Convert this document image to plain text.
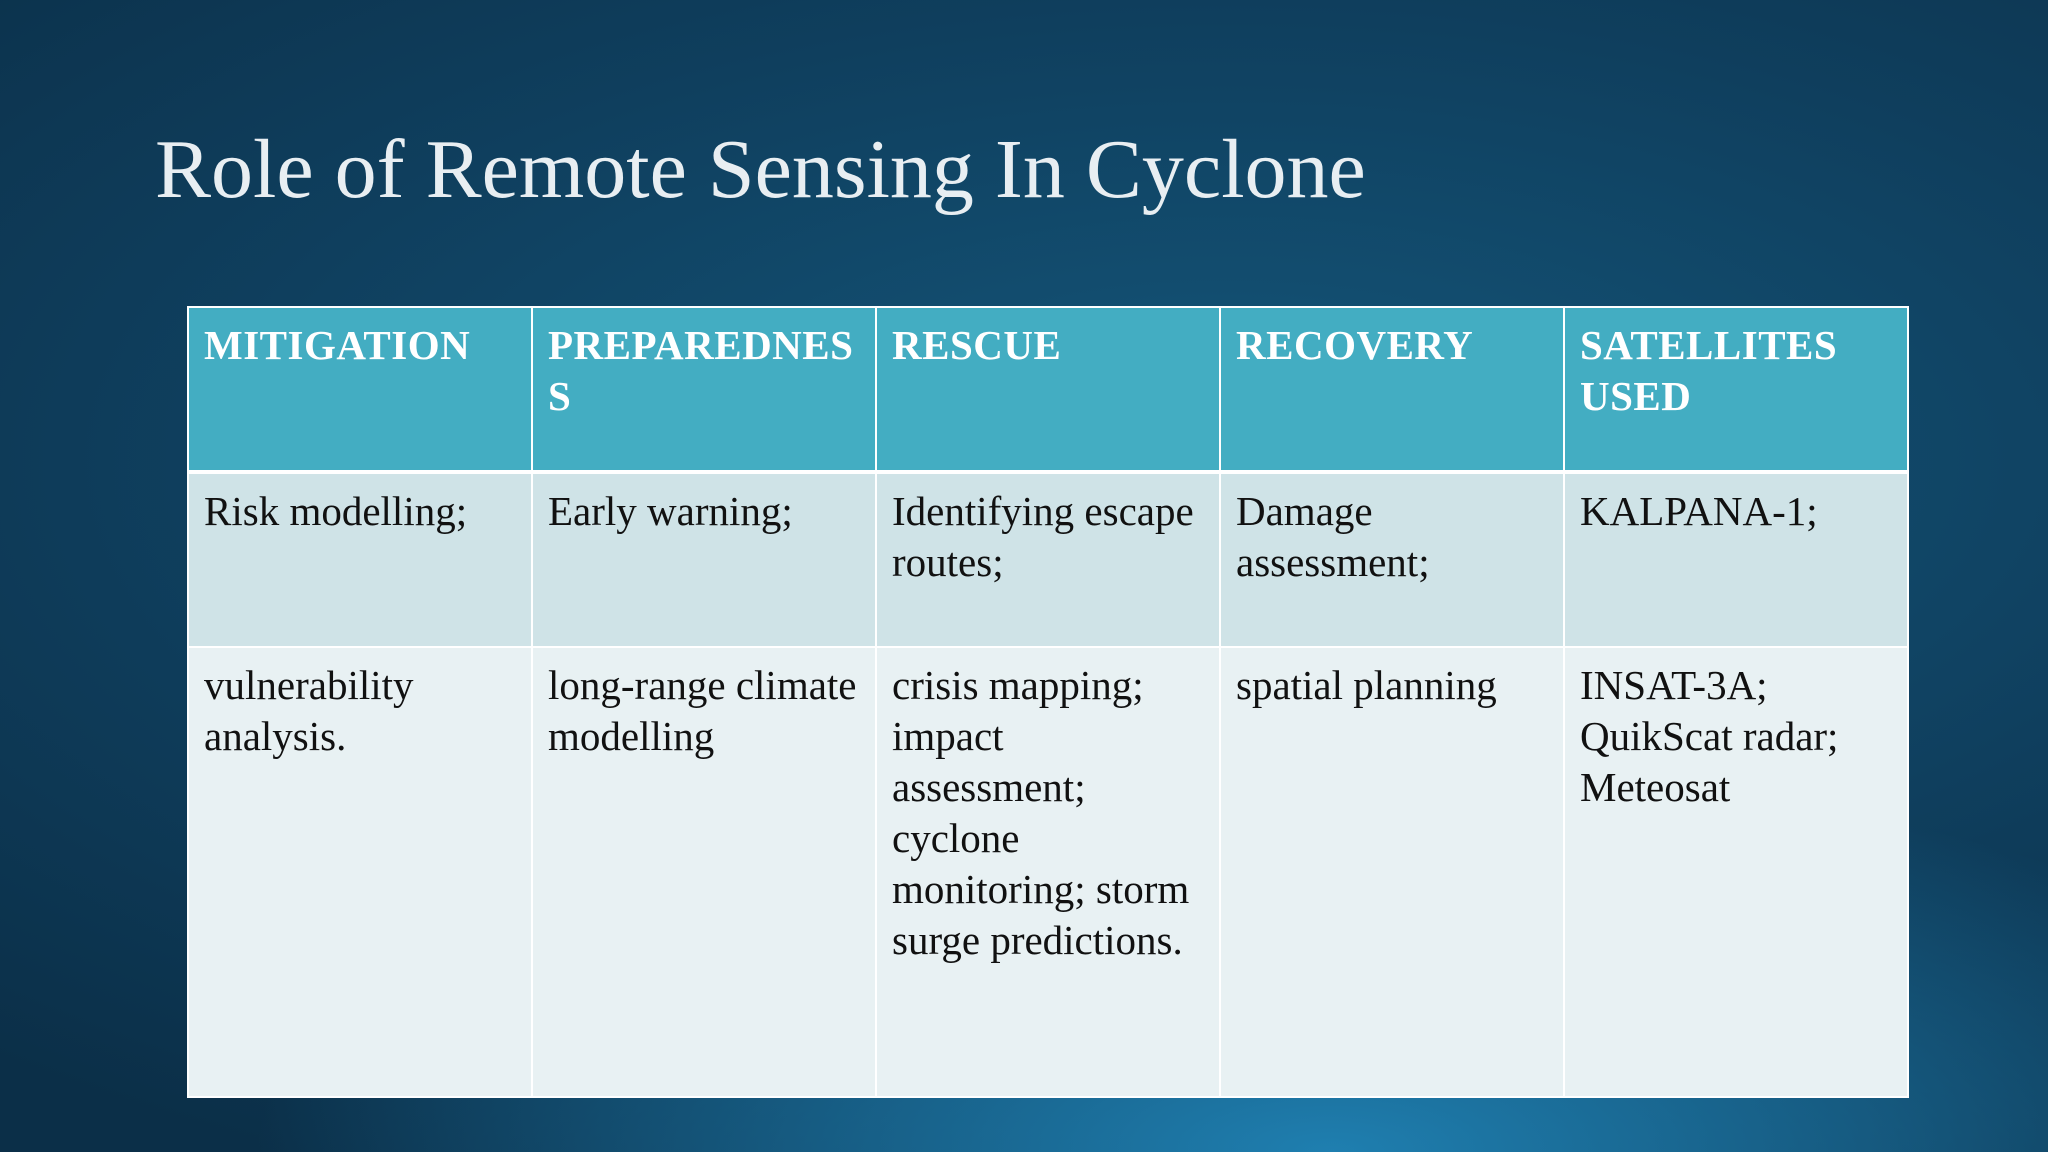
Role of Remote Sensing In Cyclone
MITIGATION	PREPAREDNESS	RESCUE	RECOVERY	SATELLITES USED
Risk modelling;	Early warning;	Identifying escape routes;	Damage assessment;	KALPANA-1;
vulnerability analysis.	long-range climate modelling	crisis mapping; impact assessment; cyclone monitoring; storm surge predictions.	spatial planning	INSAT-3A; QuikScat radar; Meteosat
